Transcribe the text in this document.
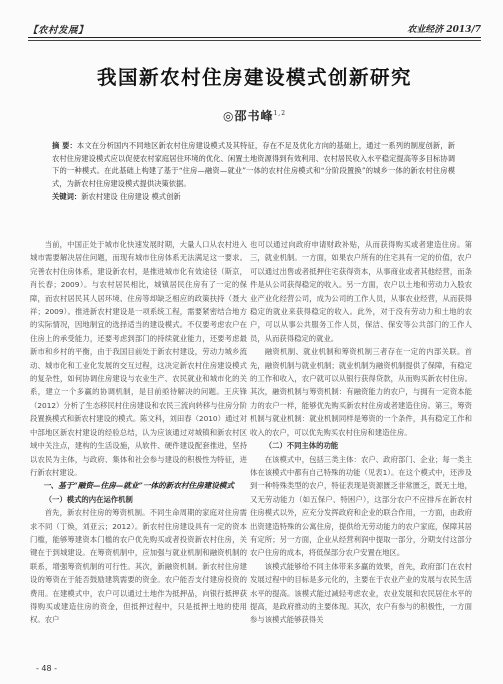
【农村发展】	农业经济 2013/7
我国新农村住房建设模式创新研究
◎邵书峰$^{1,2}$
摘 要：本文在分析国内不同地区新农村住房建设模式及其特征，存在不足及优化方向的基础上，通过一系列的制度创新，新农村住房建设模式应以促使农村家庭居住环境的优化、闲置土地资源得到有效利用、农村居民收入水平稳定提高等多目标协调下的一种模式。在此基础上构建了基于“住房—融资—就业”一体的农村住房模式和“分阶段置换”的城乡一体的新农村住房模式，为新农村住房建设模式提供决策依据。
关键词：新农村建设 住房建设 模式创新

当前，中国正处于城市化快速发展时期，大量人口从农村进入城市需要解决居住问题，而现有城市住房体系无法满足这一要求。完善农村住房体系，建设新农村，是推进城市化有效途径（斯京，肖长春；2009）。与农村居民相比，城镇居民住房有了一定的保障，而农村居民其人居环境、住房等却缺乏相应的政策扶持（聂大祥；2009）。推进新农村建设是一项系统工程，需要紧密结合地方的实际情况，因地制宜的选择适当的建设模式。不仅要考虑农户在住房上的承受能力，还要考虑到部门的持续就业能力，还要考虑最新市和乡村的平衡，由于我国目前处于新农村建设，劳动力城乡流动、城市化和工业化发展的交互过程，这决定新农村住房建设模式的复杂性，如何协调住房建设与农业生产、农民就业和城市化的关系，建立一个多赢的协调机制，是目前亟待解决的问题。王庆锋（2012）分析了生态移民村住房建设和农民三流向转移与住房分阶段置换模式和新农村建设的模式。陈文科，刘田春（2010）通过对中部地区新农村建设的经验总结，认为应该通过对城镇和新农村区域中关注点，建构的生活设施，从软件、硬件建设配套推进，坚持以农民为主体，与政府、集体和社会参与建设的积极性为特征，进行新农村建设。

一、基于“融资—住房—就业”一体的新农村住房建设模式

（一）模式的内在运作机制

首先，新农村住房的筹资机制。不同生命周期的家庭对住房需求不同（丁焕，刘亚云；2012）。新农村住房建设具有一定的资本门槛，能够筹建资本门槛的农户优先购买或者投资新农村住房，关键在于到城建设。在筹资机制中，应加强与就业机制和融资机制的联系，增强筹资机制的可行性。其次，新融资机制。新农村住房建设的筹资在于能否鼓励建筑需要的资金。农户能否支付建房投资的费用。在建模式中，农户可以通过土地作为抵押品，向银行抵押获得购买或建造住房的资金，但抵押过程中，只是抵押土地的使用权。农户

也可以通过向政府申请财政补贴，从而获得购买或者建造住房。第三，就业机制。一方面，如果农户所有的住宅具有一定的价值，农户可以通过出售或者抵押住宅获得资本，从事商业或者其他经营，而条件是从公司获得稳定的收入。另一方面，农户以土地和劳动力入股农业产业化经营公司，成为公司的工作人员，从事农业经营，从而获得稳定的就业来获得稳定的收入。此外，对于没有劳动力和土地的农户，可以从事公共服务工作人员，保洁、保安等公共部门的工作人员，从而获得稳定的就业。

融资机制、就业机制和筹资机制三者存在一定的内部关联。首先，融资机制与就业机制；就业机制为融资机制提供了保障，有稳定的工作和收入，农户就可以从银行获得贷款，从而购买新农村住房。其次，融资机制与筹资机制：有融资能力的农户，与拥有一定资本能力的农户一样，能够优先购买新农村住房或者建造住房。第三，筹资机制与就业机制：就业机制同样是筹资的一个条件，具有稳定工作和收入的农户，可以优先购买农村住房和建造住房。

（二）不同主体的功能

在该模式中，包括三类主体：农户、政府部门、企业；每一类主体在该模式中都有自己特殊的功能（见表1）。在这个模式中，还涉及到一种特殊类型的农户，特征表现是资源匮乏非常匮乏，既无土地，又无劳动能力（如五保户、特困户），这部分农户不应排斥在新农村住房模式以外，应充分发挥政府和企业的联合作用，一方面，由政府出资建造特殊的公寓住房，提供给无劳动能力的农户家庭，保障其居有定所；另一方面，企业从经营利润中提取一部分，分期支付这部分农户住房的成本，将低保部分农户安置在地区。

该模式能够给不同主体带来多赢的效果，首先，政府部门在农村发展过程中的目标是多元化的，主要在于农业产业的发展与农民生活水平的提高。该模式能过减轻考虑农业，农业发展和农民居住水平的提高，是政府推动的主要体现。其次，农户有参与的积极性，一方面参与该模式能够获得关

- 48 -
